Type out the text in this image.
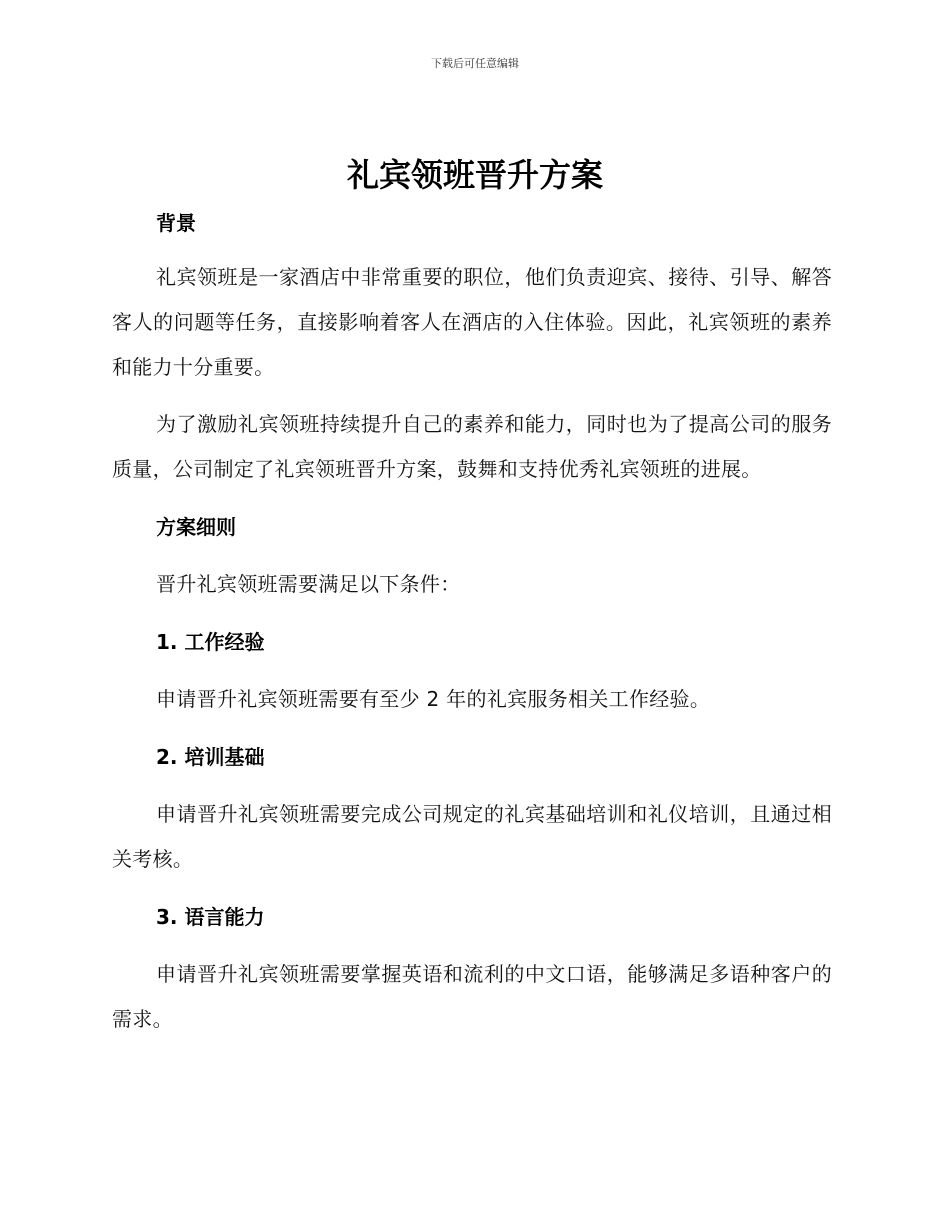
下载后可任意编辑
礼宾领班晋升方案
背景

礼宾领班是一家酒店中非常重要的职位，他们负责迎宾、接待、引导、解答客人的问题等任务，直接影响着客人在酒店的入住体验。因此，礼宾领班的素养和能力十分重要。

为了激励礼宾领班持续提升自己的素养和能力，同时也为了提高公司的服务质量，公司制定了礼宾领班晋升方案，鼓舞和支持优秀礼宾领班的进展。

方案细则

晋升礼宾领班需要满足以下条件：

1. 工作经验

申请晋升礼宾领班需要有至少 2 年的礼宾服务相关工作经验。

2. 培训基础

申请晋升礼宾领班需要完成公司规定的礼宾基础培训和礼仪培训，且通过相关考核。

3. 语言能力

申请晋升礼宾领班需要掌握英语和流利的中文口语，能够满足多语种客户的需求。
